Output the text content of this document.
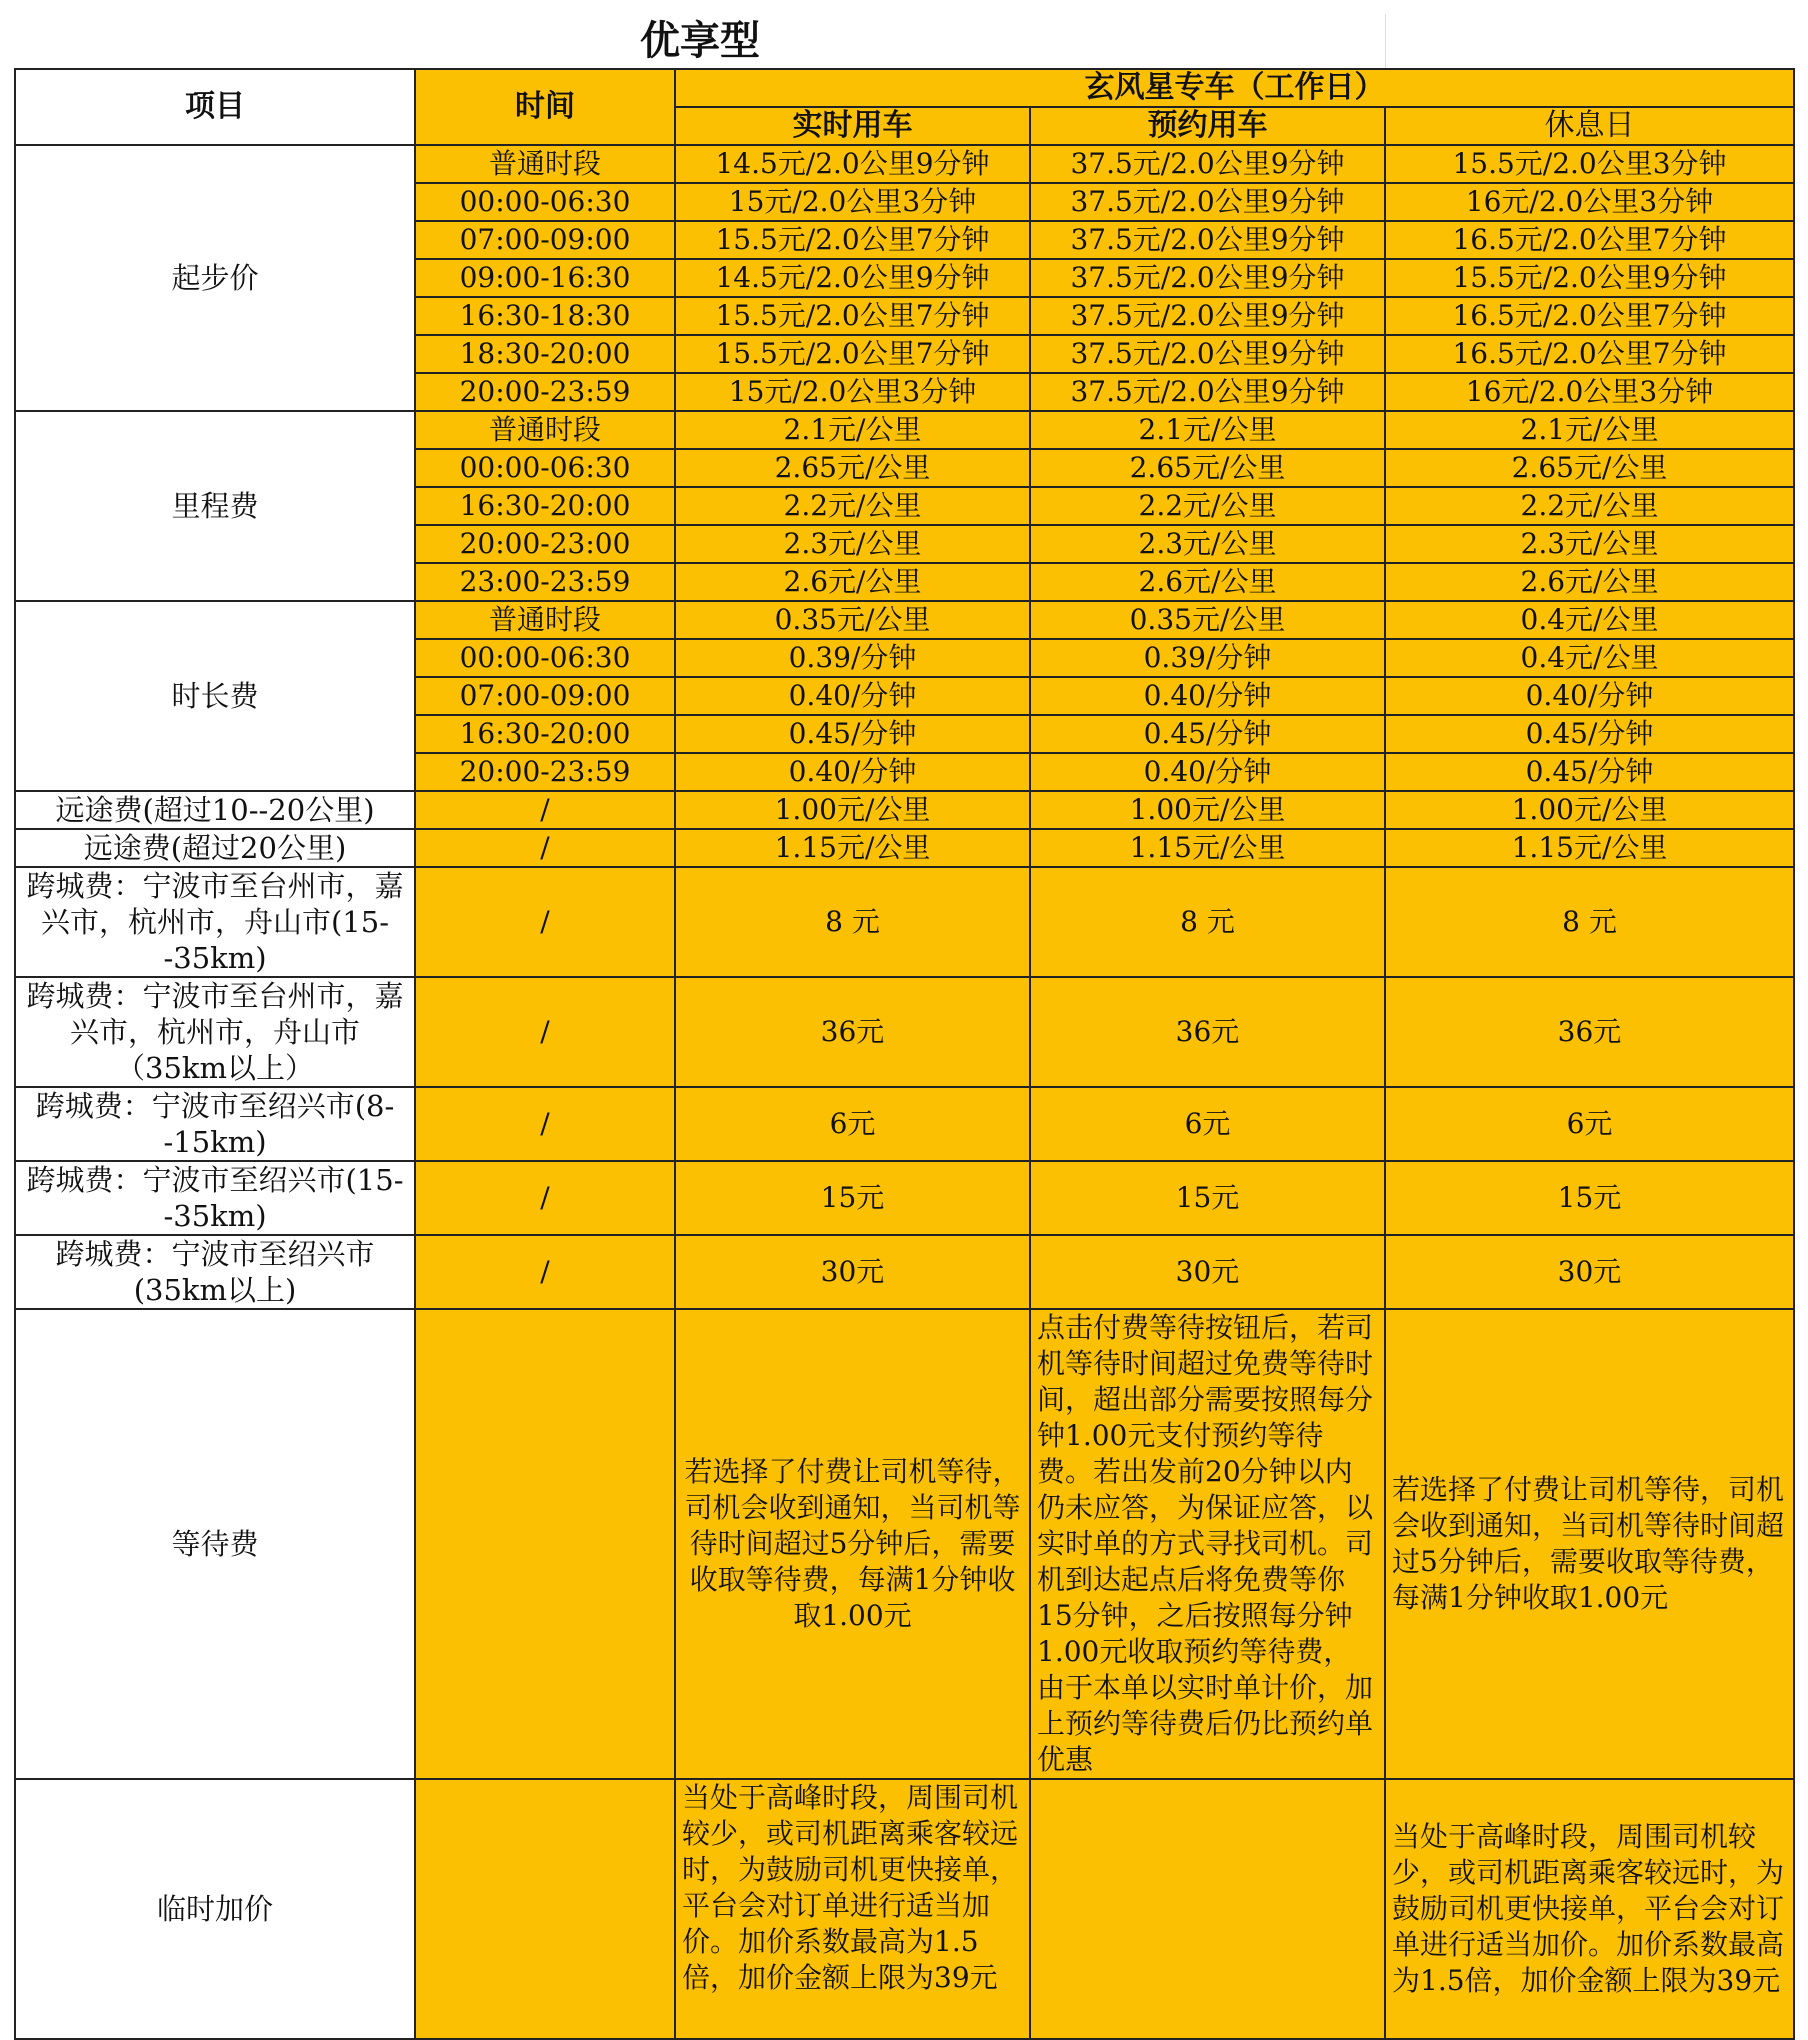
优享型				
项目	时间	玄风星专车（工作日）		
		实时用车	预约用车	休息日
起步价	普通时段	14.5元/2.0公里9分钟	37.5元/2.0公里9分钟	15.5元/2.0公里3分钟
	00:00-06:30	15元/2.0公里3分钟	37.5元/2.0公里9分钟	16元/2.0公里3分钟
	07:00-09:00	15.5元/2.0公里7分钟	37.5元/2.0公里9分钟	16.5元/2.0公里7分钟
	09:00-16:30	14.5元/2.0公里9分钟	37.5元/2.0公里9分钟	15.5元/2.0公里9分钟
	16:30-18:30	15.5元/2.0公里7分钟	37.5元/2.0公里9分钟	16.5元/2.0公里7分钟
	18:30-20:00	15.5元/2.0公里7分钟	37.5元/2.0公里9分钟	16.5元/2.0公里7分钟
	20:00-23:59	15元/2.0公里3分钟	37.5元/2.0公里9分钟	16元/2.0公里3分钟
里程费	普通时段	2.1元/公里	2.1元/公里	2.1元/公里
	00:00-06:30	2.65元/公里	2.65元/公里	2.65元/公里
	16:30-20:00	2.2元/公里	2.2元/公里	2.2元/公里
	20:00-23:00	2.3元/公里	2.3元/公里	2.3元/公里
	23:00-23:59	2.6元/公里	2.6元/公里	2.6元/公里
时长费	普通时段	0.35元/公里	0.35元/公里	0.4元/公里
	00:00-06:30	0.39/分钟	0.39/分钟	0.4元/公里
	07:00-09:00	0.40/分钟	0.40/分钟	0.40/分钟
	16:30-20:00	0.45/分钟	0.45/分钟	0.45/分钟
	20:00-23:59	0.40/分钟	0.40/分钟	0.45/分钟
远途费(超过10--20公里)	/	1.00元/公里	1.00元/公里	1.00元/公里
远途费(超过20公里)	/	1.15元/公里	1.15元/公里	1.15元/公里
跨城费：宁波市至台州市，嘉兴市，杭州市，舟山市(15--35km)	/	8 元	8 元	8 元
跨城费：宁波市至台州市，嘉兴市，杭州市，舟山市（35km以上）	/	36元	36元	36元
跨城费：宁波市至绍兴市(8--15km)	/	6元	6元	6元
跨城费：宁波市至绍兴市(15--35km)	/	15元	15元	15元
跨城费：宁波市至绍兴市(35km以上)	/	30元	30元	30元
等待费		若选择了付费让司机等待，司机会收到通知，当司机等待时间超过5分钟后，需要收取等待费，每满1分钟收取1.00元	点击付费等待按钮后，若司机等待时间超过免费等待时间，超出部分需要按照每分钟1.00元支付预约等待费。若出发前20分钟以内仍未应答，为保证应答，以实时单的方式寻找司机。司机到达起点后将免费等你15分钟，之后按照每分钟1.00元收取预约等待费，由于本单以实时单计价，加上预约等待费后仍比预约单优惠	若选择了付费让司机等待，司机会收到通知，当司机等待时间超过5分钟后，需要收取等待费，每满1分钟收取1.00元
临时加价		当处于高峰时段，周围司机较少，或司机距离乘客较远时，为鼓励司机更快接单，平台会对订单进行适当加价。加价系数最高为1.5倍，加价金额上限为39元		当处于高峰时段，周围司机较少，或司机距离乘客较远时，为鼓励司机更快接单，平台会对订单进行适当加价。加价系数最高为1.5倍，加价金额上限为39元
